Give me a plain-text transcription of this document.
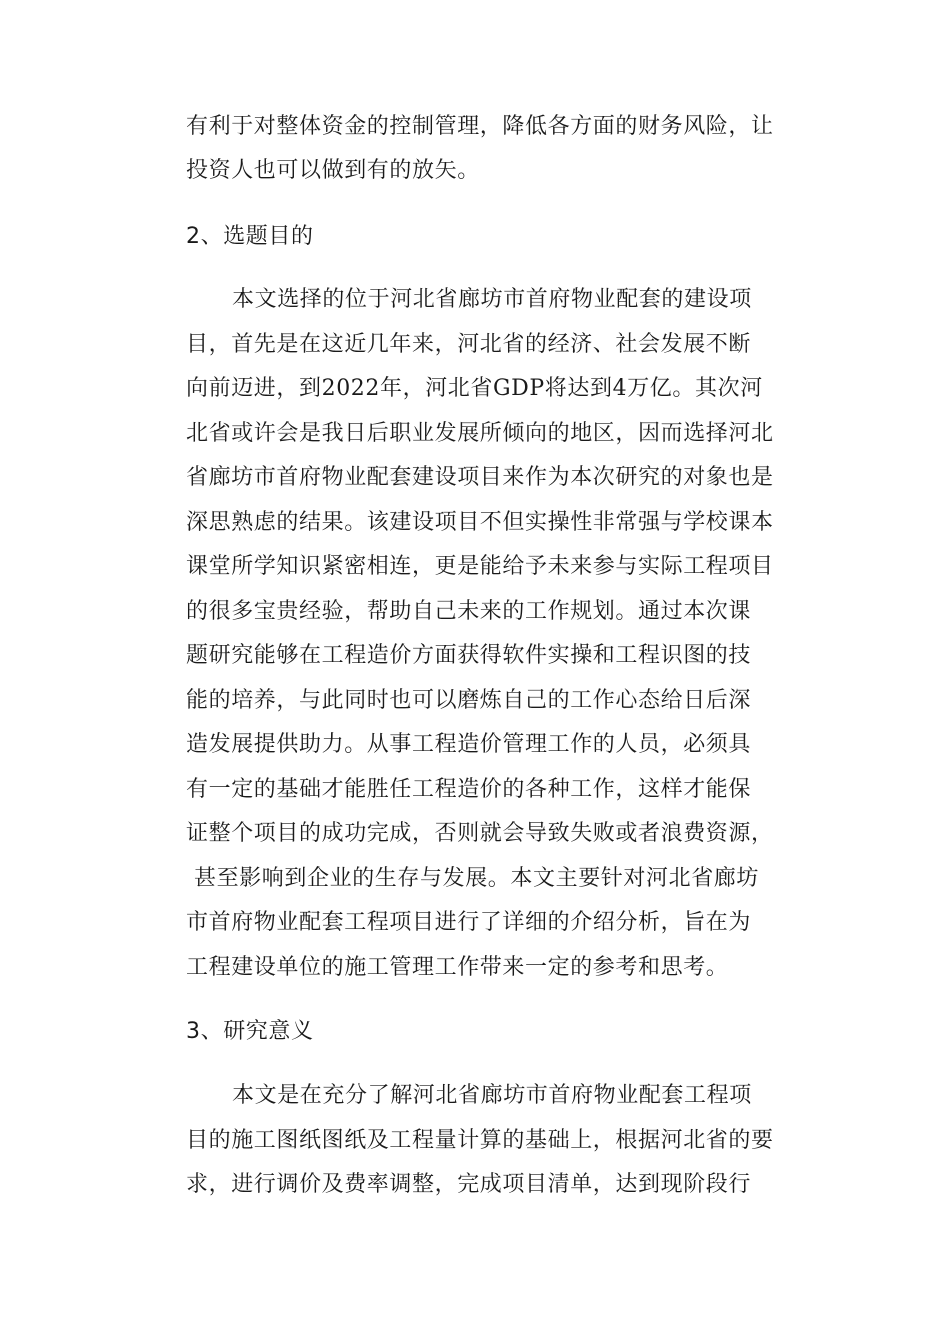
有利于对整体资金的控制管理，降低各方面的财务风险，让
投资人也可以做到有的放矢。
2、选题目的
本文选择的位于河北省廊坊市首府物业配套的建设项
目，首先是在这近几年来，河北省的经济、社会发展不断
向前迈进，到2022年，河北省GDP将达到4万亿。其次河
北省或许会是我日后职业发展所倾向的地区，因而选择河北
省廊坊市首府物业配套建设项目来作为本次研究的对象也是
深思熟虑的结果。该建设项目不但实操性非常强与学校课本
课堂所学知识紧密相连，更是能给予未来参与实际工程项目
的很多宝贵经验，帮助自己未来的工作规划。通过本次课
题研究能够在工程造价方面获得软件实操和工程识图的技
能的培养，与此同时也可以磨炼自己的工作心态给日后深
造发展提供助力。从事工程造价管理工作的人员，必须具
有一定的基础才能胜任工程造价的各种工作，这样才能保
证整个项目的成功完成，否则就会导致失败或者浪费资源，
甚至影响到企业的生存与发展。本文主要针对河北省廊坊
市首府物业配套工程项目进行了详细的介绍分析，旨在为
工程建设单位的施工管理工作带来一定的参考和思考。
3、研究意义
本文是在充分了解河北省廊坊市首府物业配套工程项
目的施工图纸图纸及工程量计算的基础上，根据河北省的要
求，进行调价及费率调整，完成项目清单，达到现阶段行
